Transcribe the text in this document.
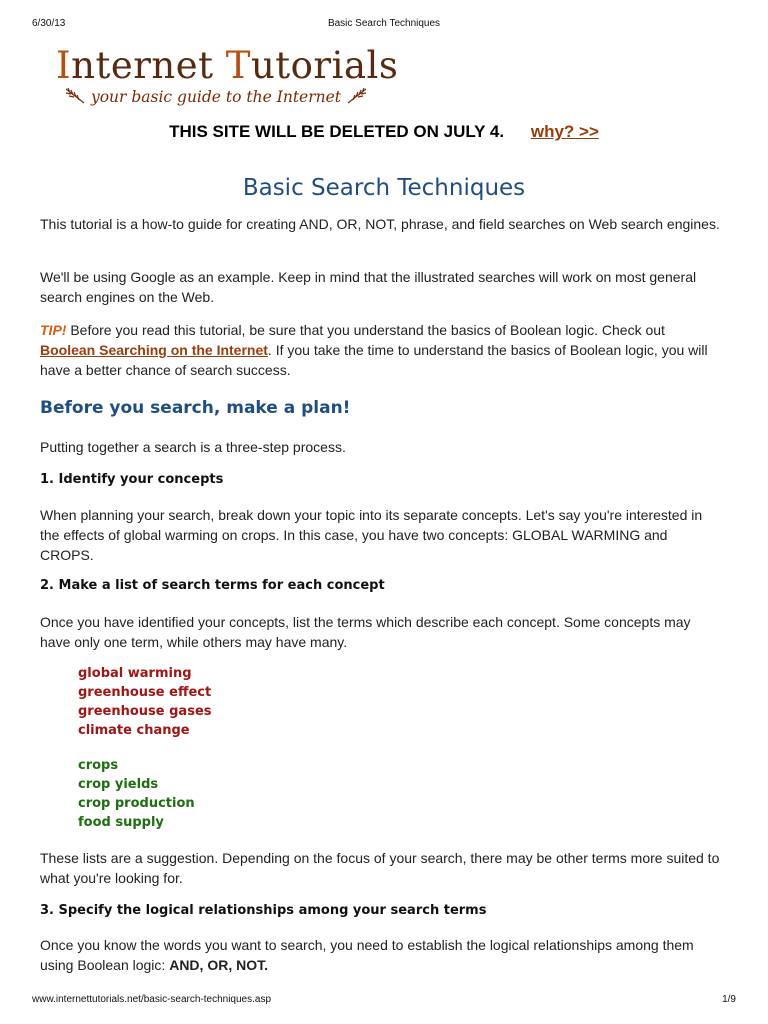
6/30/13	Basic Search Techniques
Internet Tutorials
your basic guide to the Internet
THIS SITE WILL BE DELETED ON JULY 4. why? >>
Basic Search Techniques

This tutorial is a how-to guide for creating AND, OR, NOT, phrase, and field searches on Web search engines.

We'll be using Google as an example. Keep in mind that the illustrated searches will work on most general search engines on the Web.

TIP! Before you read this tutorial, be sure that you understand the basics of Boolean logic. Check out Boolean Searching on the Internet. If you take the time to understand the basics of Boolean logic, you will have a better chance of search success.

Before you search, make a plan!

Putting together a search is a three-step process.

1. Identify your concepts

When planning your search, break down your topic into its separate concepts. Let's say you're interested in the effects of global warming on crops. In this case, you have two concepts: GLOBAL WARMING and CROPS.

2. Make a list of search terms for each concept

Once you have identified your concepts, list the terms which describe each concept. Some concepts may have only one term, while others may have many.

global warming
greenhouse effect
greenhouse gases
climate change
crops
crop yields
crop production
food supply

These lists are a suggestion. Depending on the focus of your search, there may be other terms more suited to what you're looking for.

3. Specify the logical relationships among your search terms

Once you know the words you want to search, you need to establish the logical relationships among them using Boolean logic: AND, OR, NOT.

www.internettutorials.net/basic-search-techniques.asp	1/9
